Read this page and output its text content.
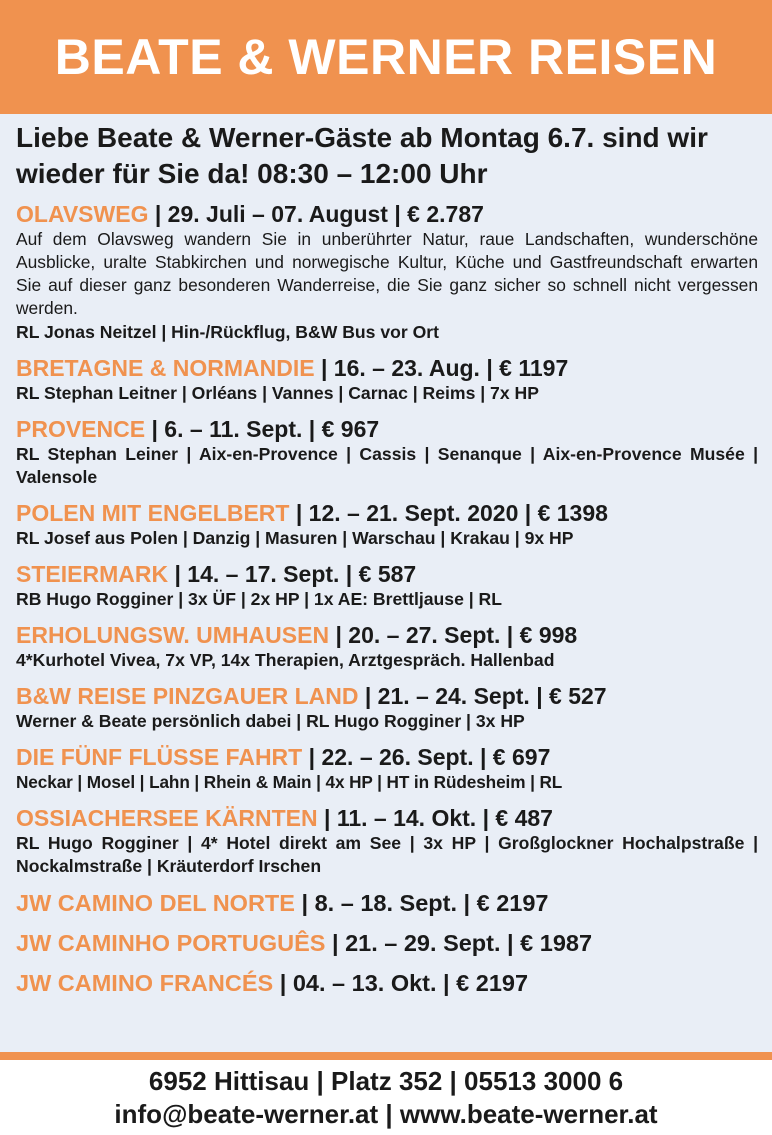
BEATE & WERNER REISEN
Liebe Beate & Werner-Gäste ab Montag 6.7. sind wir wieder für Sie da! 08:30 – 12:00 Uhr
OLAVSWEG | 29. Juli – 07. August | € 2.787
Auf dem Olavsweg wandern Sie in unberührter Natur, raue Landschaften, wunderschöne Ausblicke, uralte Stabkirchen und norwegische Kultur, Küche und Gastfreundschaft erwarten Sie auf dieser ganz besonderen Wanderreise, die Sie ganz sicher so schnell nicht vergessen werden.
RL Jonas Neitzel | Hin-/Rückflug, B&W Bus vor Ort
BRETAGNE & NORMANDIE | 16. – 23. Aug. | € 1197
RL Stephan Leitner | Orléans | Vannes | Carnac | Reims | 7x HP
PROVENCE | 6. – 11. Sept. | € 967
RL Stephan Leiner | Aix-en-Provence | Cassis | Senanque | Aix-en-Provence Musée | Valensole
POLEN MIT ENGELBERT | 12. – 21. Sept. 2020 | € 1398
RL Josef aus Polen | Danzig | Masuren | Warschau | Krakau | 9x HP
STEIERMARK | 14. – 17. Sept. | € 587
RB Hugo Rogginer | 3x ÜF | 2x HP | 1x AE: Brettljause | RL
ERHOLUNGSW. UMHAUSEN | 20. – 27. Sept. | € 998
4*Kurhotel Vivea, 7x VP, 14x Therapien, Arztgespräch. Hallenbad
B&W REISE PINZGAUER LAND | 21. – 24. Sept. | € 527
Werner & Beate persönlich dabei | RL Hugo Rogginer | 3x HP
DIE FÜNF FLÜSSE FAHRT | 22. – 26. Sept. | € 697
Neckar | Mosel | Lahn | Rhein & Main | 4x HP | HT in Rüdesheim | RL
OSSIACHERSEE KÄRNTEN | 11. – 14. Okt. | € 487
RL Hugo Rogginer | 4* Hotel direkt am See | 3x HP | Großglockner Hochalpstraße | Nockalmstraße | Kräuterdorf Irschen
JW CAMINO DEL NORTE | 8. – 18. Sept. | € 2197
JW CAMINHO PORTUGUÊS | 21. – 29. Sept. | € 1987
JW CAMINO FRANCÉS | 04. – 13. Okt. | € 2197
6952 Hittisau | Platz 352 | 05513 3000 6
info@beate-werner.at | www.beate-werner.at
